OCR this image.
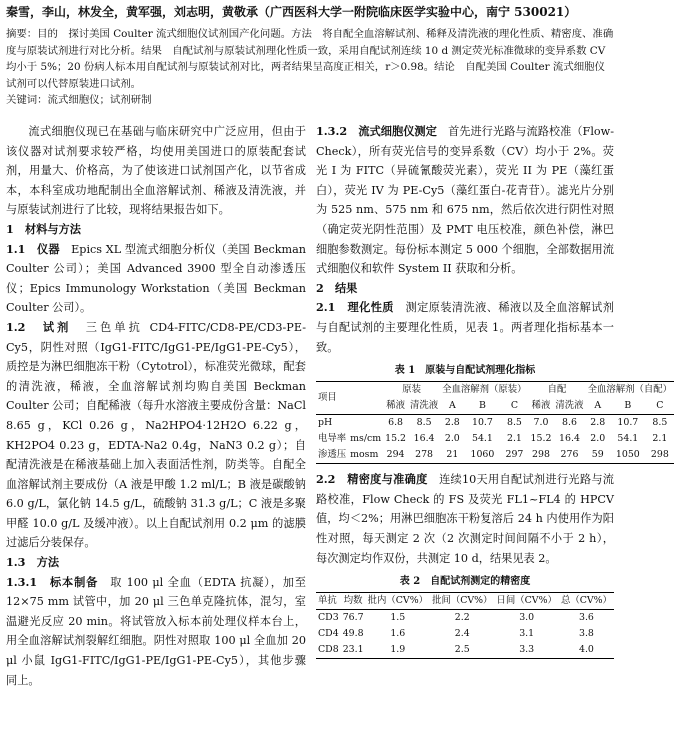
秦雪，李山，林发全，黄军强，刘志明，黄敬承（广西医科大学一附院临床医学实验中心，南宁 530021）

摘要：目的　探讨美国 Coulter 流式细胞仪试剂国产化问题。方法　将自配全血溶解试剂、稀释及清洗液的理化性质、精密度、准确度与原装试剂进行对比分析。结果　自配试剂与原装试剂理化性质一致，采用自配试剂连续 10 d 测定荧光标准微球的变异系数 CV 均小于 5%；20 份病人标本用自配试剂与原装试剂对比，两者结果呈高度正相关，r＞0.98。结论　自配美国 Coulter 流式细胞仪试剂可以代替原装进口试剂。

关键词：流式细胞仪；试剂研制

流式细胞仪现已在基础与临床研究中广泛应用，但由于该仪器对试剂要求较严格，均使用美国进口的原装配套试剂，用量大、价格高，为了使该进口试剂国产化，以节省成本，本科室成功地配制出全血溶解试剂、稀液及清洗液，并与原装试剂进行了比较，现将结果报告如下。

1　材料与方法

1.1　仪器　 Epics XL 型流式细胞分析仪（美国 Beckman Coulter 公司）；美国 Advanced 3900 型全自动渗透压仪；Epics Immunology Workstation（美国 Beckman Coulter 公司）。

1.2　试剂　 三色单抗 CD4-FITC/CD8-PE/CD3-PE-Cy5，阴性对照（IgG1-FITC/IgG1-PE/IgG1-PE-Cy5），质控是为淋巴细胞冻干粉（Cytotrol），标准荧光微球，配套的清洗液，稀液，全血溶解试剂均购自美国 Beckman Coulter 公司；自配稀液（每升水溶液主要成份含量：NaCl 8.65 g，KCl 0.26 g，Na2HPO4·12H2O 6.22 g，KH2PO4 0.23 g，EDTA-Na2 0.4g，NaN3 0.2 g）；自配清洗液是在稀液基础上加入表面活性剂，防类等。自配全血溶解试剂主要成份（A 液是甲酸 1.2 ml/L；B 液是碳酸钠 6.0 g/L，氯化钠 14.5 g/L，硫酸钠 31.3 g/L；C 液是多聚甲醛 10.0 g/L 及缓冲液）。以上自配试剂用 0.2 μm 的滤膜过滤后分装保存。

1.3　方法

1.3.1　标本制备　 取 100 μl 全血（EDTA 抗凝），加至 12×75 mm 试管中，加 20 μl 三色单克隆抗体，混匀，室温避光反应 20 min。将试管放入标本前处理仪样本台上，用全血溶解试剂裂解红细胞。阴性对照取 100 μl 全血加 20 μl 小鼠 IgG1-FITC/IgG1-PE/IgG1-PE-Cy5），其他步骤同上。

1.3.2　流式细胞仪测定　 首先进行光路与流路校准（Flow-Check），所有荧光信号的变异系数（CV）均小于 2%。荧光 I 为 FITC（异硫氰酸荧光素），荧光 II 为 PE（藻红蛋白），荧光 IV 为 PE-Cy5（藻红蛋白-花青苷）。滤光片分别为 525 nm、575 nm 和 675 nm，然后依次进行阴性对照（确定荧光阴性范围）及 PMT 电压校准，颜色补偿，淋巴细胞参数测定。每份标本测定 5 000 个细胞，全部数据用流式细胞仪和软件 System II 获取和分析。

2　结果

2.1　理化性质　 测定原装清洗液、稀液以及全血溶解试剂与自配试剂的主要理化性质，见表 1。两者理化指标基本一致。

表 1　原装与自配试剂理化指标
项目		原装		全血溶解剂（原装）			自配		全血溶解剂（自配）		
		稀液	清洗液	A	B	C	稀液	清洗液	A	B	C
pH		6.8	8.5	2.8	10.7	8.5	7.0	8.6	2.8	10.7	8.5
电导率	ms/cm	15.2	16.4	2.0	54.1	2.1	15.2	16.4	2.0	54.1	2.1
渗透压	mosm	294	278	21	1060	297	298	276	59	1050	298

2.2　精密度与准确度　 连续10天用自配试剂进行光路与流路校准，Flow Check 的 FS 及荧光 FL1~FL4 的 HPCV 值，均＜2%；用淋巴细胞冻干粉复溶后 24 h 内使用作为阳性对照，每天测定 2 次（2 次测定时间间隔不小于 2 h），每次测定均作双份，共测定 10 d，结果见表 2。

表 2　自配试剂测定的精密度
单抗	均数	批内（CV%）	批间（CV%）	日间（CV%）	总（CV%）
CD3	76.7	1.5	2.2	3.0	3.6
CD4	49.8	1.6	2.4	3.1	3.8
CD8	23.1	1.9	2.5	3.3	4.0
